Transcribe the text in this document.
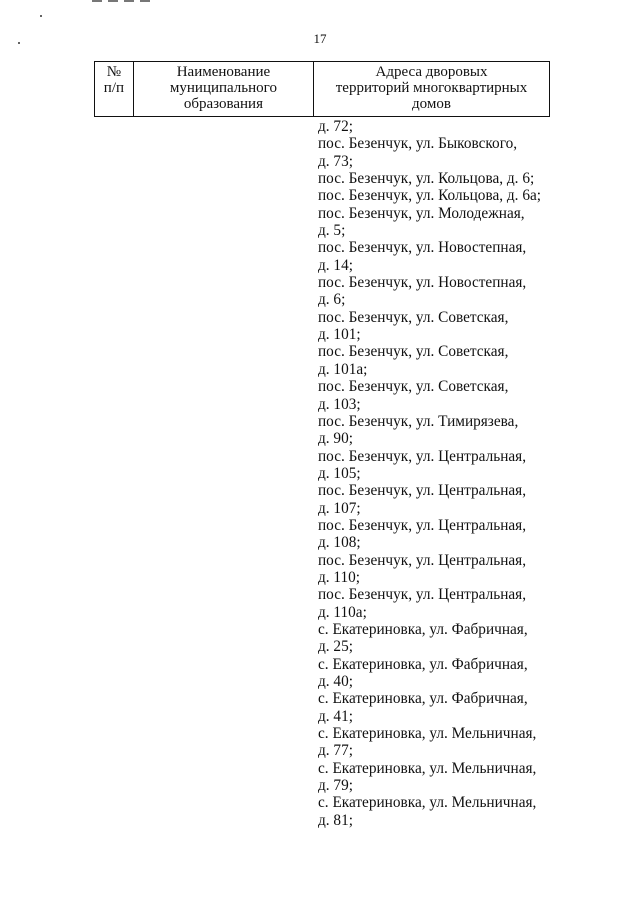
17
№
п/п
Наименование
муниципального
образования
Адреса дворовых
территорий многоквартирных
домов
д. 72;
пос. Безенчук, ул. Быковского,
д. 73;
пос. Безенчук, ул. Кольцова, д. 6;
пос. Безенчук, ул. Кольцова, д. 6а;
пос. Безенчук, ул. Молодежная,
д. 5;
пос. Безенчук, ул. Новостепная,
д. 14;
пос. Безенчук, ул. Новостепная,
д. 6;
пос. Безенчук, ул. Советская,
д. 101;
пос. Безенчук, ул. Советская,
д. 101а;
пос. Безенчук, ул. Советская,
д. 103;
пос. Безенчук, ул. Тимирязева,
д. 90;
пос. Безенчук, ул. Центральная,
д. 105;
пос. Безенчук, ул. Центральная,
д. 107;
пос. Безенчук, ул. Центральная,
д. 108;
пос. Безенчук, ул. Центральная,
д. 110;
пос. Безенчук, ул. Центральная,
д. 110а;
с. Екатериновка, ул. Фабричная,
д. 25;
с. Екатериновка, ул. Фабричная,
д. 40;
с. Екатериновка, ул. Фабричная,
д. 41;
с. Екатериновка, ул. Мельничная,
д. 77;
с. Екатериновка, ул. Мельничная,
д. 79;
с. Екатериновка, ул. Мельничная,
д. 81;
